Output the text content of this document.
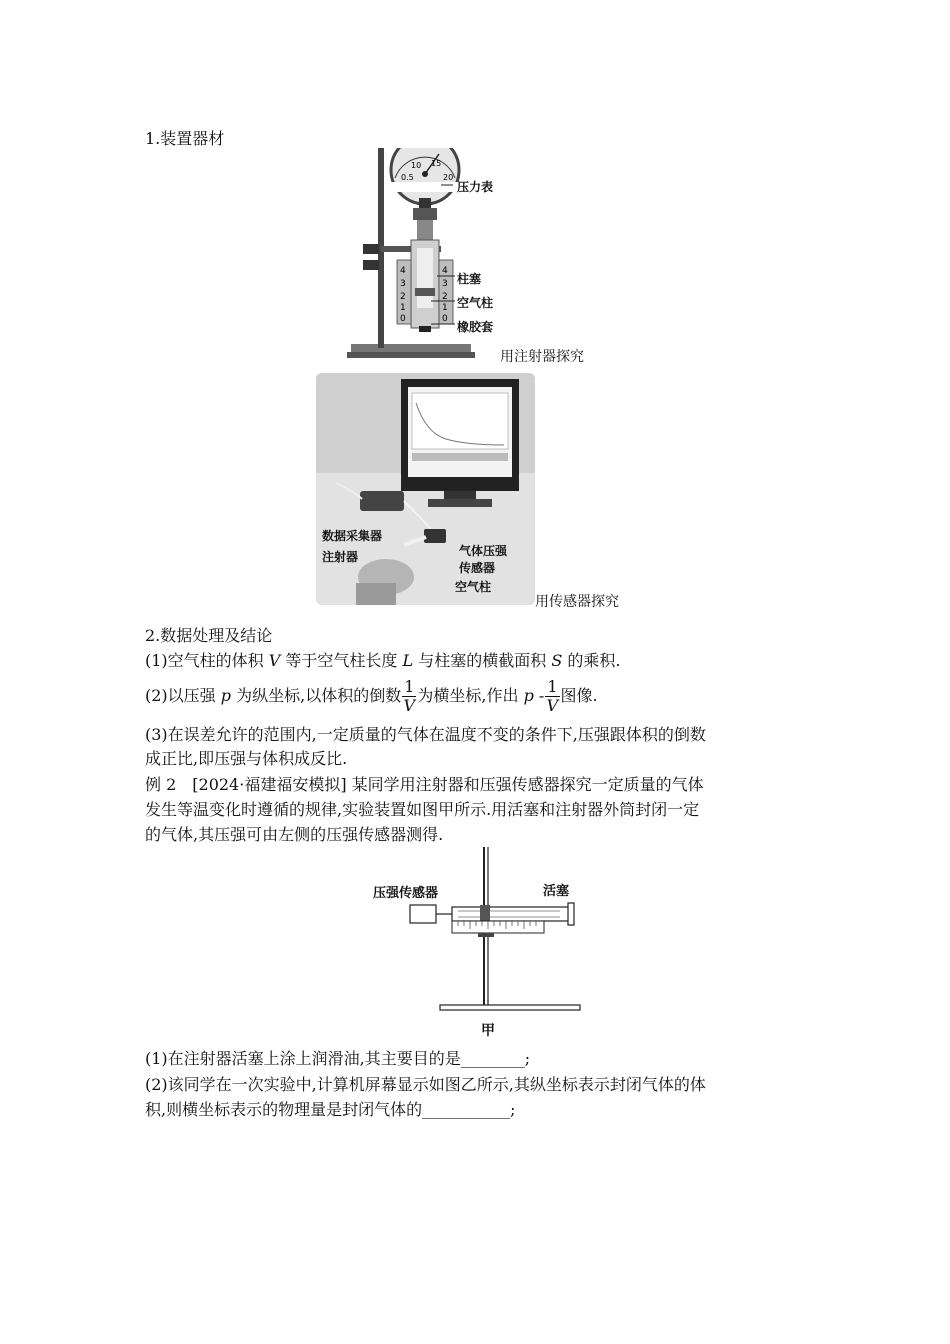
1.装置器材
4
3
2
1
0
4
3
2
1
0
0.5
10 15
20
压力表
柱塞
空气柱
橡胶套
用注射器探究
数据采集器
注射器	气体压强
传感器
空气柱
用传感器探究
2.数据处理及结论
(1)空气柱的体积 V 等于空气柱长度 L 与柱塞的横截面积 S 的乘积.
(2)以压强 p 为纵坐标,以体积的倒数 $\frac{1}{V}$ 为横坐标,作出 p - $\frac{1}{V}$ 图像.
(3)在误差允许的范围内,一定质量的气体在温度不变的条件下,压强跟体积的倒数
成正比,即压强与体积成反比.
例 2　[2024·福建福安模拟] 某同学用注射器和压强传感器探究一定质量的气体
发生等温变化时遵循的规律,实验装置如图甲所示.用活塞和注射器外筒封闭一定
的气体,其压强可由左侧的压强传感器测得.
压强传感器	活塞
甲
(1)在注射器活塞上涂上润滑油,其主要目的是________;
(2)该同学在一次实验中,计算机屏幕显示如图乙所示,其纵坐标表示封闭气体的体
积,则横坐标表示的物理量是封闭气体的___________;
